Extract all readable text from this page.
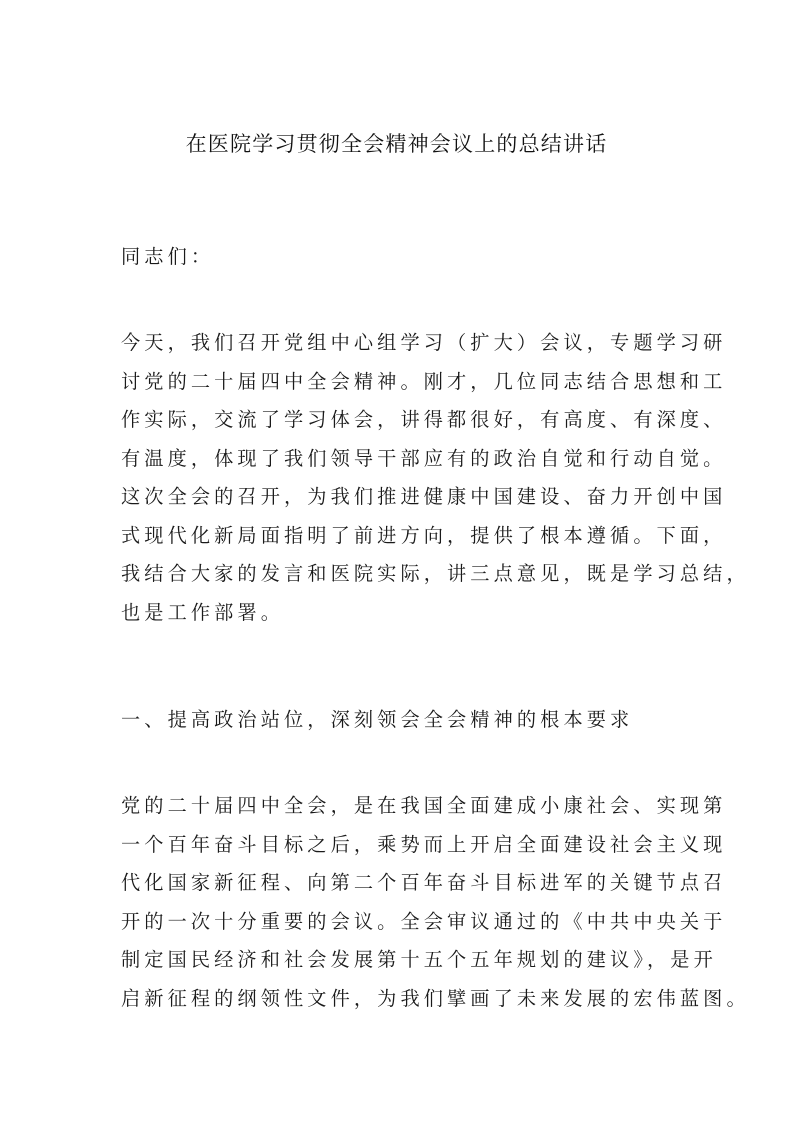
在医院学习贯彻全会精神会议上的总结讲话
同志们：
今天，我们召开党组中心组学习（扩大）会议，专题学习研
讨党的二十届四中全会精神。刚才，几位同志结合思想和工
作实际，交流了学习体会，讲得都很好，有高度、有深度、
有温度，体现了我们领导干部应有的政治自觉和行动自觉。
这次全会的召开，为我们推进健康中国建设、奋力开创中国
式现代化新局面指明了前进方向，提供了根本遵循。下面，
我结合大家的发言和医院实际，讲三点意见，既是学习总结，
也是工作部署。
一、提高政治站位，深刻领会全会精神的根本要求
党的二十届四中全会，是在我国全面建成小康社会、实现第
一个百年奋斗目标之后，乘势而上开启全面建设社会主义现
代化国家新征程、向第二个百年奋斗目标进军的关键节点召
开的一次十分重要的会议。全会审议通过的《中共中央关于
制定国民经济和社会发展第十五个五年规划的建议》，是开
启新征程的纲领性文件，为我们擘画了未来发展的宏伟蓝图。
